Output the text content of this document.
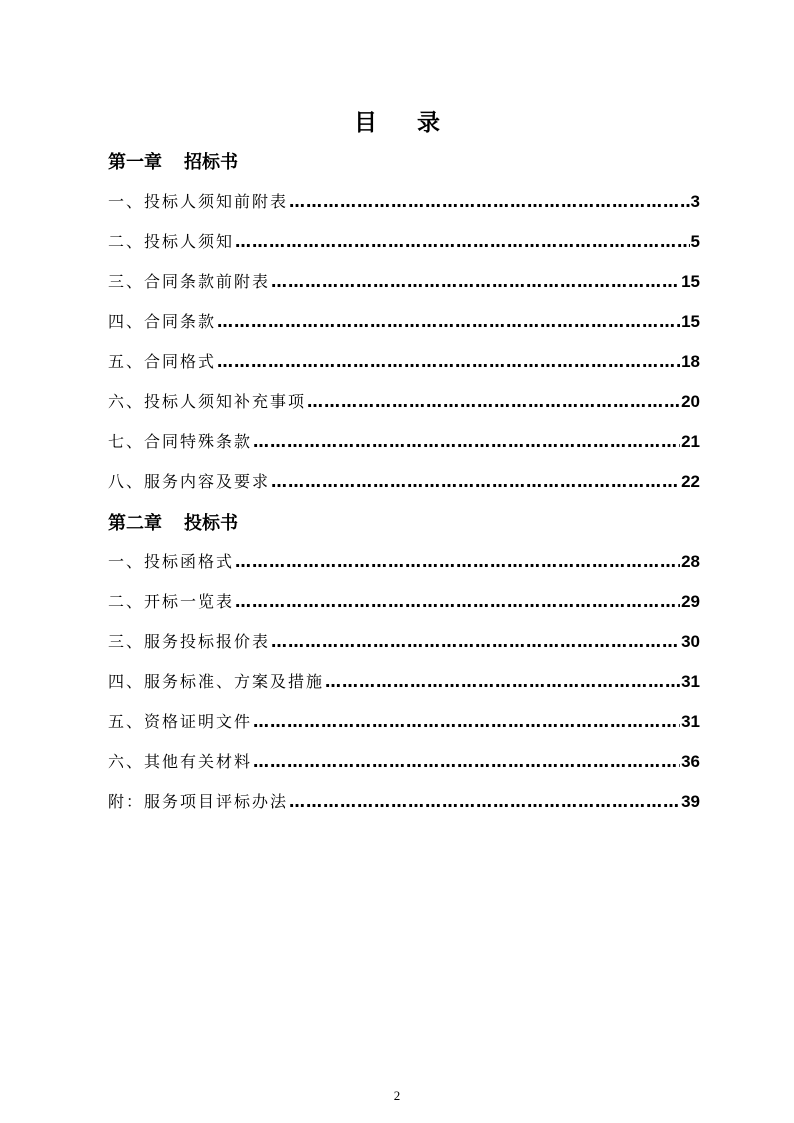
目录
第一章 招标书
一、投标人须知前附表 ……………………………………………………………………………………………………………………	3
二、投标人须知 ……………………………………………………………………………………………………………………	5
三、合同条款前附表 ……………………………………………………………………………………………………………………	15
四、合同条款 ……………………………………………………………………………………………………………………	15
五、合同格式 ……………………………………………………………………………………………………………………	18
六、投标人须知补充事项 ……………………………………………………………………………………………………………………	20
七、合同特殊条款 ……………………………………………………………………………………………………………………	21
八、服务内容及要求 ……………………………………………………………………………………………………………………	22
第二章 投标书
一、投标函格式 ……………………………………………………………………………………………………………………	28
二、开标一览表 ……………………………………………………………………………………………………………………	29
三、服务投标报价表 ……………………………………………………………………………………………………………………	30
四、服务标准、方案及措施 ……………………………………………………………………………………………………………………	31
五、资格证明文件 ……………………………………………………………………………………………………………………	31
六、其他有关材料 ……………………………………………………………………………………………………………………	36
附：服务项目评标办法 ……………………………………………………………………………………………………………………	39
2
